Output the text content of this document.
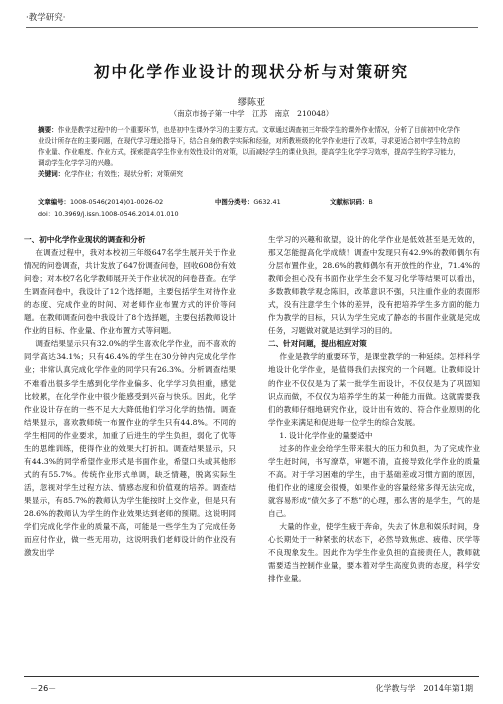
·教学研究·
初中化学作业设计的现状分析与对策研究
缪陈亚
（南京市扬子第一中学　江苏　南京　210048）
摘要：作业是教学过程中的一个重要环节，也是初中生课外学习的主要方式。文章通过调查初三年级学生的课外作业情况，分析了目前初中化学作业设计所存在的主要问题，在现代学习理论指导下，结合自身的教学实际和经验，对所教班级的化学作业进行了改革，寻求更适合初中学生特点的作业量、作业难度、作业方式，探索提高学生作业有效性设计的对策，以而减轻学生的课业负担，提高学生化学学习效率，提高学生的学习能力，调动学生化学学习的兴趣。
关键词：化学作业；有效性；现状分析；对策研究
文章编号：1008-0546(2014)01-0026-02	中图分类号：G632.41	文献标识码：B
doi：10.3969/j.issn.1008-0546.2014.01.010
一、初中化学作业现状的调查和分析

在调查过程中，我对本校初三年级647名学生展开关于作业情况的问卷调查，共计发放了647份调查问卷，回收608份有效问卷；对本校7名化学教师展开关于作业状况的问卷普查。在学生调查问卷中，我设计了12个选择题，主要包括学生对待作业的态度、完成作业的时间、对老师作业布置方式的评价等问题。在教师调查问卷中我设计了8个选择题，主要包括教师设计作业的目标、作业量、作业布置方式等问题。

调查结果显示只有32.0%的学生喜欢化学作业，而不喜欢的同学高达34.1%；只有46.4%的学生在30分钟内完成化学作业；非常认真完成化学作业的同学只有26.3%。分析调查结果不难看出很多学生感到化学作业偏多、化学学习负担重，感觉比较累，在化学作业中很少能感受到兴奋与快乐。因此，化学作业设计存在的一些不足大大降低他们学习化学的热情。调查结果显示，喜欢教师统一布置作业的学生只有44.8%。不同的学生相同的作业要求，加重了后进生的学生负担，弱化了优等生的思维训练，使得作业的效果大打折扣。调查结果显示，只有44.3%的同学希望作业形式是书面作业，希望口头或其他形式的有55.7%。传统作业形式单调，缺乏情趣，脱离实际生活，忽视对学生过程方法、情感态度和价值观的培养。调查结果显示，有85.7%的教师认为学生能按时上交作业，但是只有28.6%的教师认为学生的作业效果达到老师的预期。这说明同学们完成化学作业的质量不高，可能是一些学生为了完成任务而应付作业，做一些无用功，这说明我们老师设计的作业没有激发出学

生学习的兴趣和欲望，设计的化学作业是低效甚至是无效的，那又怎能提高化学成绩！调查中发现只有42.9%的教师偶尔有分层布置作业，28.6%的教师偶尔有开放性的作业，71.4%的教师会担心没有书面作业学生会不复习化学等结果可以看出，多数教师教学观念陈旧，改革意识不强，只注重作业的表面形式，没有注意学生个体的差异，没有把培养学生多方面的能力作为教学的目标，只认为学生完成了静态的书面作业就是完成任务，习题做对就是达到学习的目的。

二、针对问题，提出相应对策

作业是教学的重要环节，是课堂教学的一种延续。怎样科学地设计化学作业，是值得我们去探究的一个问题。让教师设计的作业不仅仅是为了某一批学生而设计，不仅仅是为了巩固知识点而做，不仅仅为培养学生的某一种能力而做。这就需要我们的教师仔细地研究作业，设计出有效的、符合作业原则的化学作业来满足和促进每一位学生的综合发展。

1. 设计化学作业的量要适中

过多的作业会给学生带来很大的压力和负担，为了完成作业学生赶时间，书写潦草，审题不清，直接导致化学作业的质量不高。对于学习困难的学生，由于基础差或习惯方面的原因，他们作业的速度会很慢，如果作业的容量经常多得无法完成，就容易形成“债欠多了不愁”的心理，那么害的是学生，气的是自己。

大量的作业，使学生疲于奔命，失去了休息和娱乐时间，身心长期处于一种紧张的状态下，必然导致焦虑、疲倦、厌学等不良现象发生。因此作为学生作业负担的直接责任人，教师就需要适当控制作业量，要本着对学生高度负责的态度，科学安排作业量。

－26－	化学教与学　2014年第1期
